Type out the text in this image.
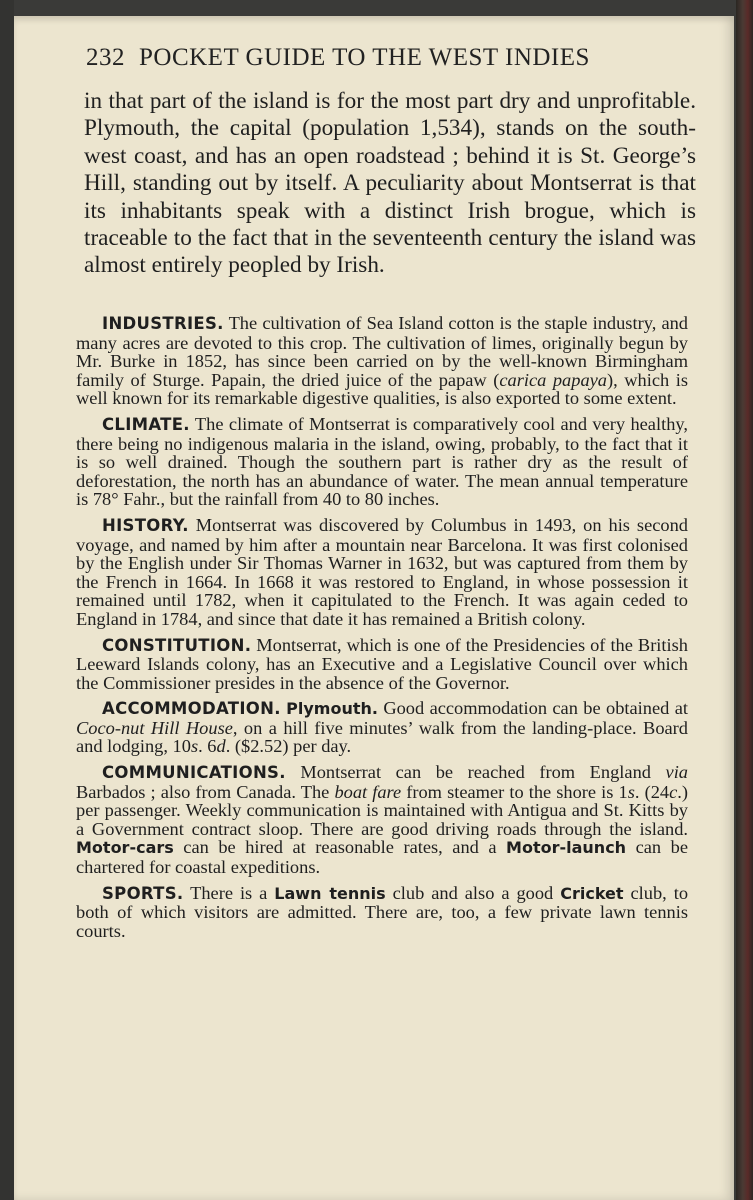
232 POCKET GUIDE TO THE WEST INDIES

in that part of the island is for the most part dry and unprofitable. Plymouth, the capital (population 1,534), stands on the south-west coast, and has an open roadstead ; behind it is St. George’s Hill, standing out by itself. A peculiarity about Montserrat is that its inhabitants speak with a distinct Irish brogue, which is traceable to the fact that in the seventeenth century the island was almost entirely peopled by Irish.

INDUSTRIES. The cultivation of Sea Island cotton is the staple industry, and many acres are devoted to this crop. The cultivation of limes, originally begun by Mr. Burke in 1852, has since been carried on by the well-known Birmingham family of Sturge. Papain, the dried juice of the papaw (carica papaya), which is well known for its remarkable digestive qualities, is also exported to some extent.

CLIMATE. The climate of Montserrat is comparatively cool and very healthy, there being no indigenous malaria in the island, owing, probably, to the fact that it is so well drained. Though the southern part is rather dry as the result of deforestation, the north has an abundance of water. The mean annual temperature is 78° Fahr., but the rainfall from 40 to 80 inches.

HISTORY. Montserrat was discovered by Columbus in 1493, on his second voyage, and named by him after a mountain near Barcelona. It was first colonised by the English under Sir Thomas Warner in 1632, but was captured from them by the French in 1664. In 1668 it was restored to England, in whose possession it remained until 1782, when it capitulated to the French. It was again ceded to England in 1784, and since that date it has remained a British colony.

CONSTITUTION. Montserrat, which is one of the Presidencies of the British Leeward Islands colony, has an Executive and a Legislative Council over which the Commissioner presides in the absence of the Governor.

ACCOMMODATION. Plymouth. Good accommodation can be obtained at Coco-nut Hill House, on a hill five minutes’ walk from the landing-place. Board and lodging, 10s. 6d. ($2.52) per day.

COMMUNICATIONS. Montserrat can be reached from England via Barbados ; also from Canada. The boat fare from steamer to the shore is 1s. (24c.) per passenger. Weekly communication is maintained with Antigua and St. Kitts by a Government contract sloop. There are good driving roads through the island. Motor-cars can be hired at reasonable rates, and a Motor-launch can be chartered for coastal expeditions.

SPORTS. There is a Lawn tennis club and also a good Cricket club, to both of which visitors are admitted. There are, too, a few private lawn tennis courts.
